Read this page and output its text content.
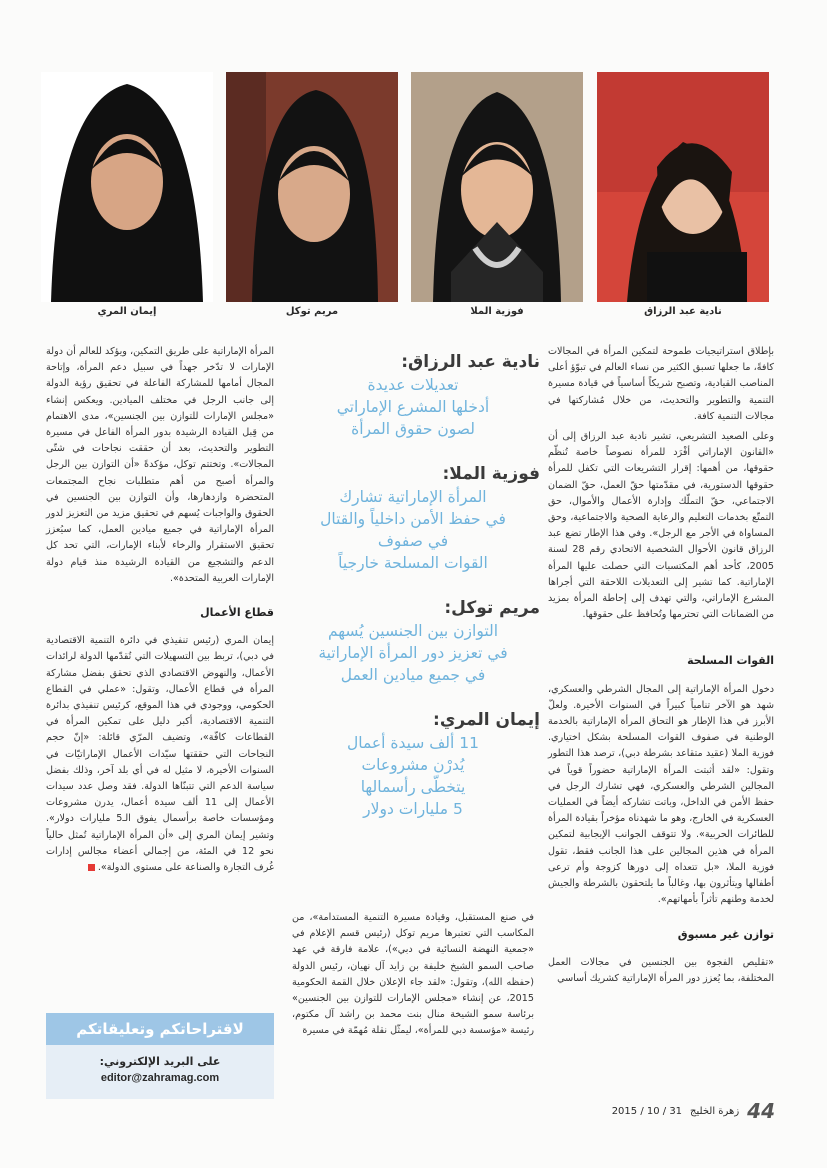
نادية عبد الرزاق
فوزية الملا
مريم توكل
إيمان المري

بإطلاق استراتيجيات طموحة لتمكين المرأة في المجالات كافةً، ما جعلها تسبق الكثير من نساء العالم في تبوّؤ أعلى المناصب القيادية، وتصبح شريكاً أساسياً في قيادة مسيرة التنمية والتطوير والتحديث، من خلال مُشاركتها في مجالات التنمية كافة.

وعلى الصعيد التشريعي، تشير نادية عبد الرزاق إلى أن «القانون الإماراتي أفْرَد للمرأة نصوصاً خاصة تُنظّم حقوقها، من أهمها: إقرار التشريعات التي تكفل للمرأة حقوقها الدستورية، في مقدّمتها حقّ العمل، حقّ الضمان الاجتماعي، حقّ التملّك وإدارة الأعمال والأموال، حق التمتّع بخدمات التعليم والرعاية الصحية والاجتماعية، وحق المساواة في الأجر مع الرجل». وفي هذا الإطار تضع عبد الرزاق قانون الأحوال الشخصية الاتحادي رقم 28 لسنة 2005، كأحد أهم المكتسبات التي حصلت عليها المرأة الإماراتية. كما تشير إلى التعديلات اللاحقة التي أجراها المشرع الإماراتي، والتي تهدف إلى إحاطة المرأة بمزيد من الضمانات التي تحترمها وتُحافظ على حقوقها.

القوات المسلحة

دخول المرأة الإماراتية إلى المجال الشرطي والعسكري، شهد هو الآخر تنامياً كبيراً في السنوات الأخيرة. ولعلّ الأبرز في هذا الإطار هو التحاق المرأة الإماراتية بالخدمة الوطنية في صفوف القوات المسلحة بشكل اختياري. فوزية الملا (عقيد متقاعد بشرطة دبي)، ترصد هذا التطور وتقول: «لقد أثبتت المرأة الإماراتية حضوراً قوياً في المجالين الشرطي والعسكري، فهي تشارك الرجل في حفظ الأمن في الداخل، وباتت تشاركه أيضاً في العمليات العسكرية في الخارج، وهو ما شهدناه مؤخراً بقيادة المرأة للطائرات الحربية». ولا تتوقف الجوانب الإيجابية لتمكين المرأة في هذين المجالين على هذا الجانب فقط، تقول فوزية الملا، «بل تتعداه إلى دورها كزوجة وأم ترعى أطفالها ويتأثرون بها، وغالباً ما يلتحقون بالشرطة والجيش لخدمة وطنهم تأثراً بأمهاتهم».

توازن غير مسبوق

«تقليص الفجوة بين الجنسين في مجالات العمل المختلفة، بما يُعزز دور المرأة الإماراتية كشريك أساسي

نادية عبد الرزاق:
تعديلات عديدة
أدخلها المشرع الإماراتي
لصون حقوق المرأة
فوزية الملا:
المرأة الإماراتية تشارك
في حفظ الأمن داخلياً والقتال
في صفوف
القوات المسلحة خارجياً
مريم توكل:
التوازن بين الجنسين يُسهم
في تعزيز دور المرأة الإماراتية
في جميع ميادين العمل
إيمان المري:
11 ألف سيدة أعمال
يُدرْن مشروعات
يتخطّى رأسمالها
5 مليارات دولار

في صنع المستقبل، وقيادة مسيرة التنمية المستدامة»، من المكاسب التي تعتبرها مريم توكل (رئيس قسم الإعلام في «جمعية النهضة النسائية في دبي»)، علامة فارقة في عهد صاحب السمو الشيخ خليفة بن زايد آل نهيان، رئيس الدولة (حفظه الله)، وتقول: «لقد جاء الإعلان خلال القمة الحكومية 2015، عن إنشاء «مجلس الإمارات للتوازن بين الجنسين» برئاسة سمو الشيخة منال بنت محمد بن راشد آل مكتوم، رئيسة «مؤسسة دبي للمرأة»، ليمثّل نقلة مُهمّة في مسيرة

المرأة الإماراتية على طريق التمكين، ويؤكد للعالم أن دولة الإمارات لا تدّخر جهداً في سبيل دعم المرأة، وإتاحة المجال أمامها للمشاركة الفاعلة في تحقيق رؤية الدولة إلى جانب الرجل في مختلف الميادين. ويعكس إنشاء «مجلس الإمارات للتوازن بين الجنسين»، مدى الاهتمام من قِبل القيادة الرشيدة بدور المرأة الفاعل في مسيرة التطوير والتحديث، بعد أن حققت نجاحات في شتّى المجالات». وتختتم توكل، مؤكدةً «أن التوازن بين الرجل والمرأة أصبح من أهم متطلبات نجاح المجتمعات المتحضرة وازدهارها، وأن التوازن بين الجنسين في الحقوق والواجبات يُسهم في تحقيق مزيد من التعزيز لدور المرأة الإماراتية في جميع ميادين العمل، كما سيُعزز تحقيق الاستقرار والرخاء لأبناء الإمارات، التي تحد كل الدعم والتشجيع من القيادة الرشيدة منذ قيام دولة الإمارات العربية المتحدة».

قطاع الأعمال

إيمان المري (رئيس تنفيذي في دائرة التنمية الاقتصادية في دبي)، تربط بين التسهيلات التي تُقدّمها الدولة لرائدات الأعمال، والنهوض الاقتصادي الذي تحقق بفضل مشاركة المرأة في قطاع الأعمال، وتقول: «عملي في القطاع الحكومي، ووجودي في هذا الموقع، كرئيس تنفيذي بدائرة التنمية الاقتصادية، أكبر دليل على تمكين المرأة في القطاعات كافّة»، وتضيف المرّي قائلة: «إنّ حجم النجاحات التي حققتها سيّدات الأعمال الإماراتيّات في السنوات الأخيرة، لا مثيل له في أي بلد آخر، وذلك بفضل سياسة الدعم التي تتبنّاها الدولة. فقد وصل عدد سيدات الأعمال إلى 11 ألف سيدة أعمال، يدرن مشروعات ومؤسسات خاصة برأسمال يفوق الـ5 مليارات دولار». وتشير إيمان المري إلى «أن المرأة الإماراتية تُمثل حالياً نحو 12 في المئة، من إجمالي أعضاء مجالس إدارات غُرف التجارة والصناعة على مستوى الدولة».

لاقتراحاتكم وتعليقاتكم
على البريد الإلكتروني:
editor@zahramag.com
44
زهرة الخليج
2015 / 10 / 31
